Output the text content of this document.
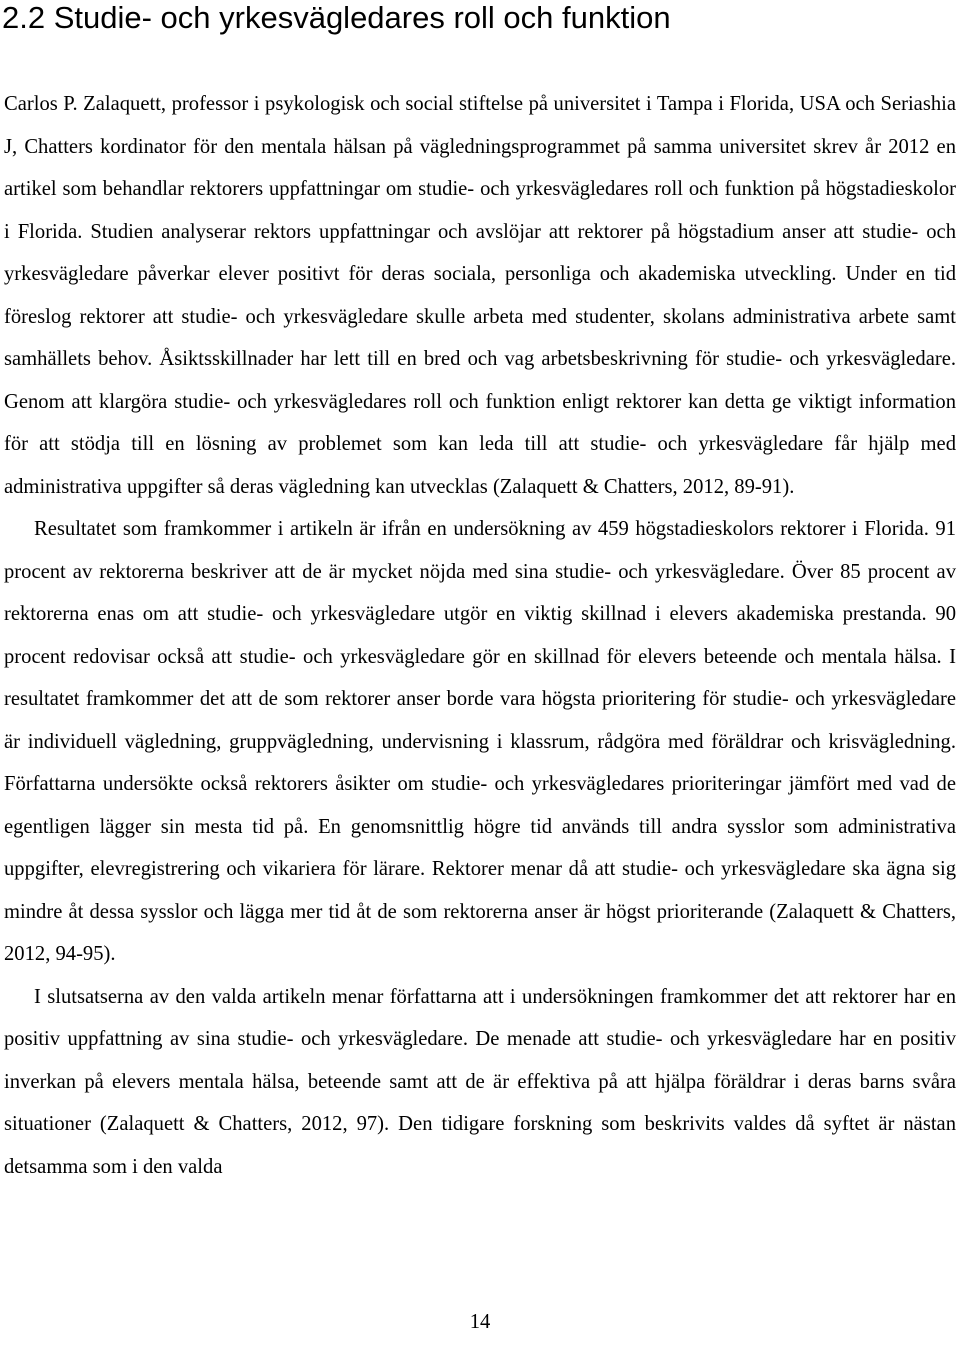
2.2 Studie- och yrkesvägledares roll och funktion

Carlos P. Zalaquett, professor i psykologisk och social stiftelse på universitet i Tampa i Florida, USA och Seriashia J, Chatters kordinator för den mentala hälsan på vägledningsprogrammet på samma universitet skrev år 2012 en artikel som behandlar rektorers uppfattningar om studie- och yrkesvägledares roll och funktion på högstadieskolor i Florida. Studien analyserar rektors uppfattningar och avslöjar att rektorer på högstadium anser att studie- och yrkesvägledare påverkar elever positivt för deras sociala, personliga och akademiska utveckling. Under en tid föreslog rektorer att studie- och yrkesvägledare skulle arbeta med studenter, skolans administrativa arbete samt samhällets behov. Åsiktsskillnader har lett till en bred och vag arbetsbeskrivning för studie- och yrkesvägledare. Genom att klargöra studie- och yrkesvägledares roll och funktion enligt rektorer kan detta ge viktigt information för att stödja till en lösning av problemet som kan leda till att studie- och yrkesvägledare får hjälp med administrativa uppgifter så deras vägledning kan utvecklas (Zalaquett & Chatters, 2012, 89-91).

Resultatet som framkommer i artikeln är ifrån en undersökning av 459 högstadieskolors rektorer i Florida. 91 procent av rektorerna beskriver att de är mycket nöjda med sina studie- och yrkesvägledare. Över 85 procent av rektorerna enas om att studie- och yrkesvägledare utgör en viktig skillnad i elevers akademiska prestanda. 90 procent redovisar också att studie- och yrkesvägledare gör en skillnad för elevers beteende och mentala hälsa. I resultatet framkommer det att de som rektorer anser borde vara högsta prioritering för studie- och yrkesvägledare är individuell vägledning, gruppvägledning, undervisning i klassrum, rådgöra med föräldrar och krisvägledning. Författarna undersökte också rektorers åsikter om studie- och yrkesvägledares prioriteringar jämfört med vad de egentligen lägger sin mesta tid på. En genomsnittlig högre tid används till andra sysslor som administrativa uppgifter, elevregistrering och vikariera för lärare. Rektorer menar då att studie- och yrkesvägledare ska ägna sig mindre åt dessa sysslor och lägga mer tid åt de som rektorerna anser är högst prioriterande (Zalaquett & Chatters, 2012, 94-95).

I slutsatserna av den valda artikeln menar författarna att i undersökningen framkommer det att rektorer har en positiv uppfattning av sina studie- och yrkesvägledare. De menade att studie- och yrkesvägledare har en positiv inverkan på elevers mentala hälsa, beteende samt att de är effektiva på att hjälpa föräldrar i deras barns svåra situationer (Zalaquett & Chatters, 2012, 97). Den tidigare forskning som beskrivits valdes då syftet är nästan detsamma som i den valda

14
